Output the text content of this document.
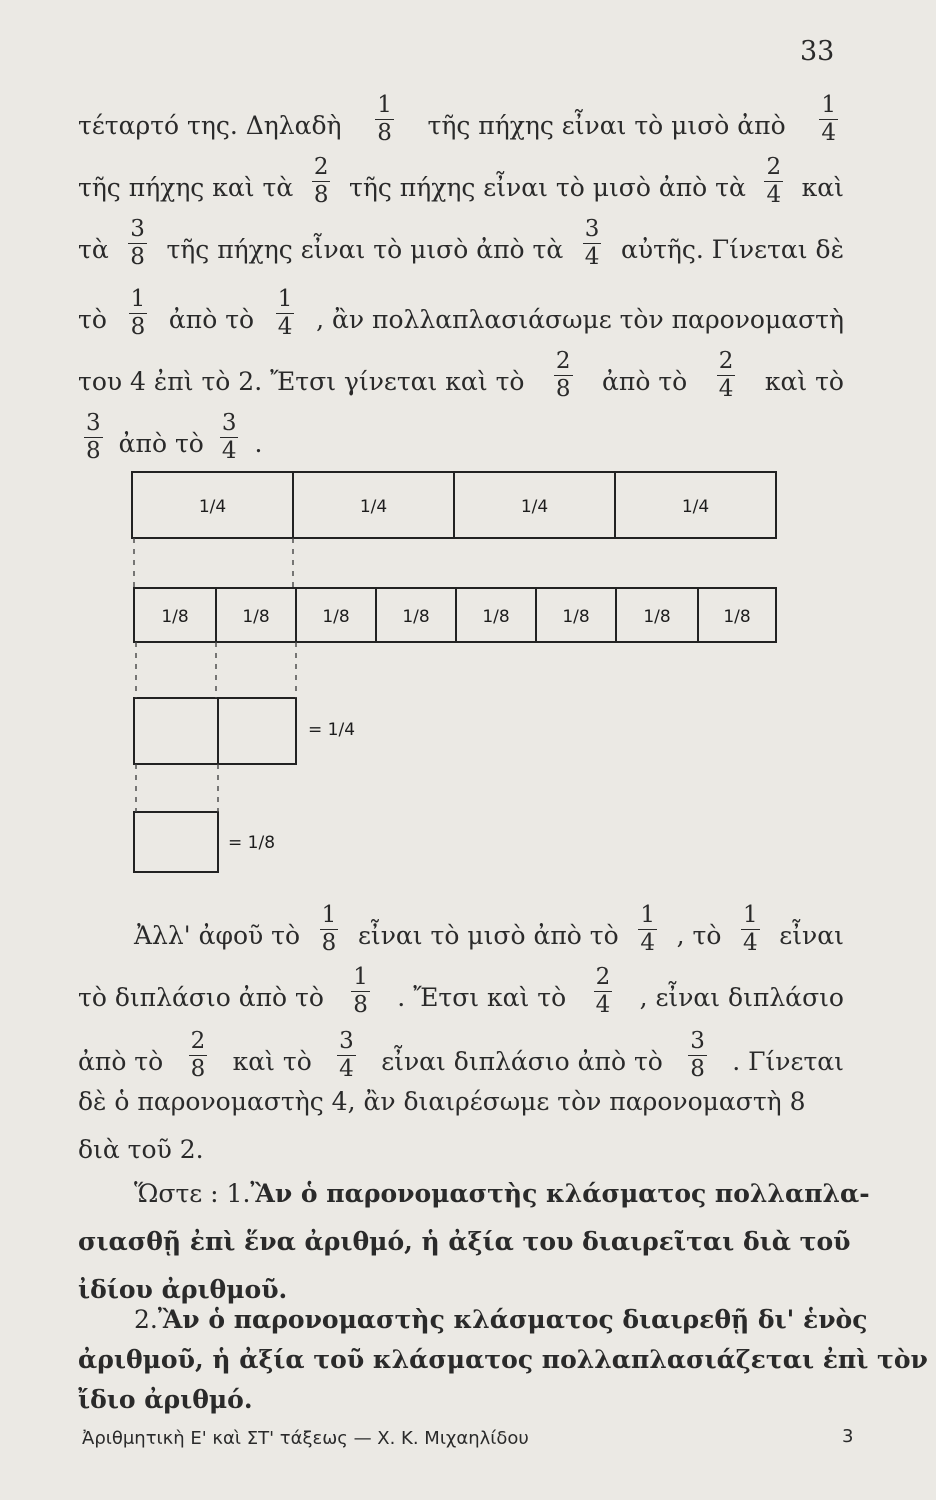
33
τέταρτό της. Δηλαδὴ $\frac{1}{8}$ τῆς πήχης εἶναι τὸ μισὸ ἀπὸ $\frac{1}{4}$
τῆς πήχης καὶ τὰ $\frac{2}{8}$ τῆς πήχης εἶναι τὸ μισὸ ἀπὸ τὰ $\frac{2}{4}$ καὶ
τὰ $\frac{3}{8}$ τῆς πήχης εἶναι τὸ μισὸ ἀπὸ τὰ $\frac{3}{4}$ αὐτῆς. Γίνεται δὲ
τὸ $\frac{1}{8}$ ἀπὸ τὸ $\frac{1}{4}$ , ἂν πολλαπλασιάσωμε τὸν παρονομαστὴ
του 4 ἐπὶ τὸ 2. Ἔτσι γίνεται καὶ τὸ $\frac{2}{8}$ ἀπὸ τὸ $\frac{2}{4}$ καὶ τὸ
$\frac{3}{8}$ ἀπὸ τὸ $\frac{3}{4}$ .
1/4	1/4	1/4	1/4
1/8	1/8	1/8	1/8	1/8	1/8	1/8	1/8
= 1/4
= 1/8
Ἀλλ' ἀφοῦ τὸ $\frac{1}{8}$ εἶναι τὸ μισὸ ἀπὸ τὸ $\frac{1}{4}$ , τὸ $\frac{1}{4}$ εἶναι
τὸ διπλάσιο ἀπὸ τὸ $\frac{1}{8}$ . Ἔτσι καὶ τὸ $\frac{2}{4}$ , εἶναι διπλάσιο
ἀπὸ τὸ $\frac{2}{8}$ καὶ τὸ $\frac{3}{4}$ εἶναι διπλάσιο ἀπὸ τὸ $\frac{3}{8}$ . Γίνεται
δὲ ὁ παρονομαστὴς 4, ἂν διαιρέσωμε τὸν παρονομαστὴ 8
διὰ τοῦ 2.
Ὥστε : 1. Ἂν ὁ παρονομαστὴς κλάσματος πολλαπλα-
σιασθῇ ἐπὶ ἕνα ἀριθμό, ἡ ἀξία του διαιρεῖται διὰ τοῦ
ἰδίου ἀριθμοῦ.
2. Ἂν ὁ παρονομαστὴς κλάσματος διαιρεθῇ δι' ἑνὸς
ἀριθμοῦ, ἡ ἀξία τοῦ κλάσματος πολλαπλασιάζεται ἐπὶ τὸν
Ἀριθμητικὴ Ε' καὶ ΣΤ' τάξεως — Χ. Κ. Μιχαηλίδου	3
ἴδιο ἀριθμό.
